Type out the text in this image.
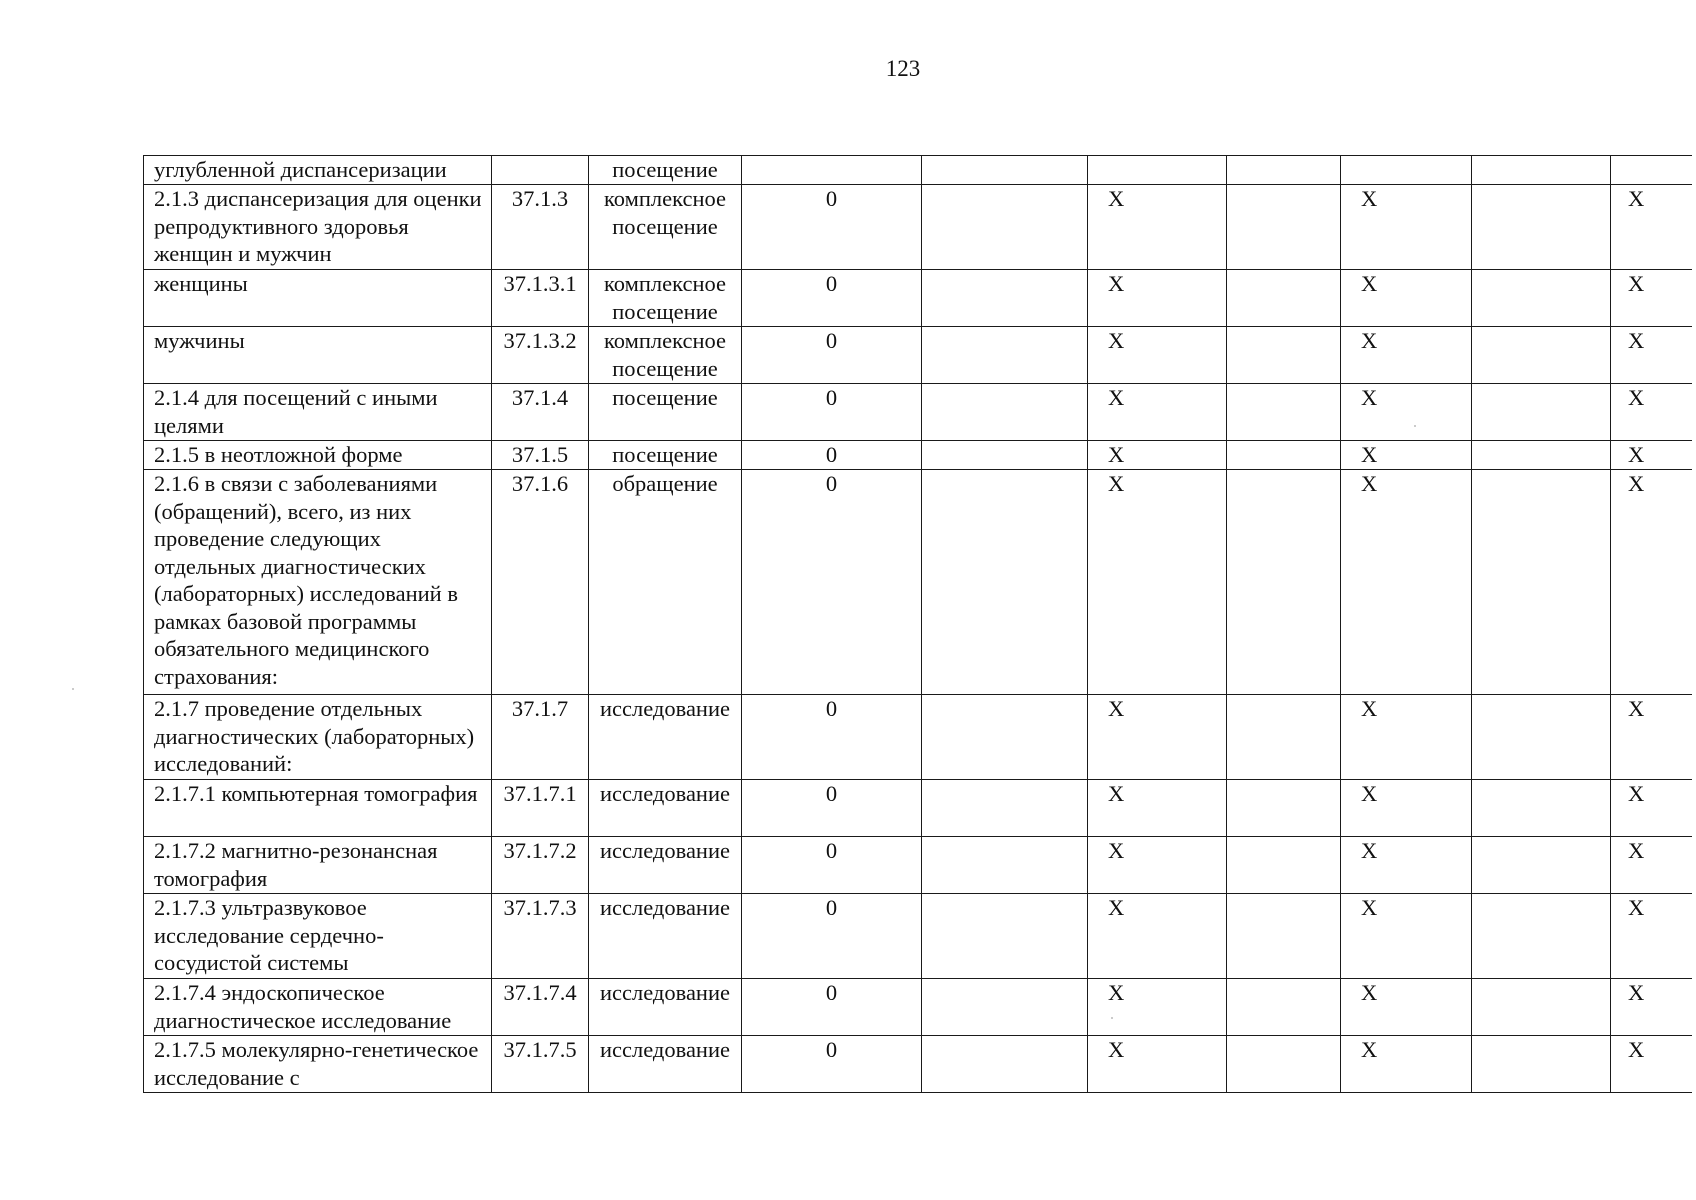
123
углубленной диспансеризации		посещение							
2.1.3 диспансеризация для оценки репродуктивного здоровья женщин и мужчин	37.1.3	комплексное посещение	0		X		X		X
женщины	37.1.3.1	комплексное посещение	0		X		X		X
мужчины	37.1.3.2	комплексное посещение	0		X		X		X
2.1.4 для посещений с иными целями	37.1.4	посещение	0		X		X		X
2.1.5 в неотложной форме	37.1.5	посещение	0		X		X		X
2.1.6 в связи с заболеваниями (обращений), всего, из них проведение следующих отдельных диагностических (лабораторных) исследований в рамках базовой программы обязательного медицинского страхования:	37.1.6	обращение	0		X		X		X
2.1.7 проведение отдельных диагностических (лабораторных) исследований:	37.1.7	исследование	0		X		X		X
2.1.7.1 компьютерная томография	37.1.7.1	исследование	0		X		X		X
2.1.7.2 магнитно-резонансная томография	37.1.7.2	исследование	0		X		X		X
2.1.7.3 ультразвуковое исследование сердечно-сосудистой системы	37.1.7.3	исследование	0		X		X		X
2.1.7.4 эндоскопическое диагностическое исследование	37.1.7.4	исследование	0		X		X		X
2.1.7.5 молекулярно-генетическое исследование с	37.1.7.5	исследование	0		X		X		X
